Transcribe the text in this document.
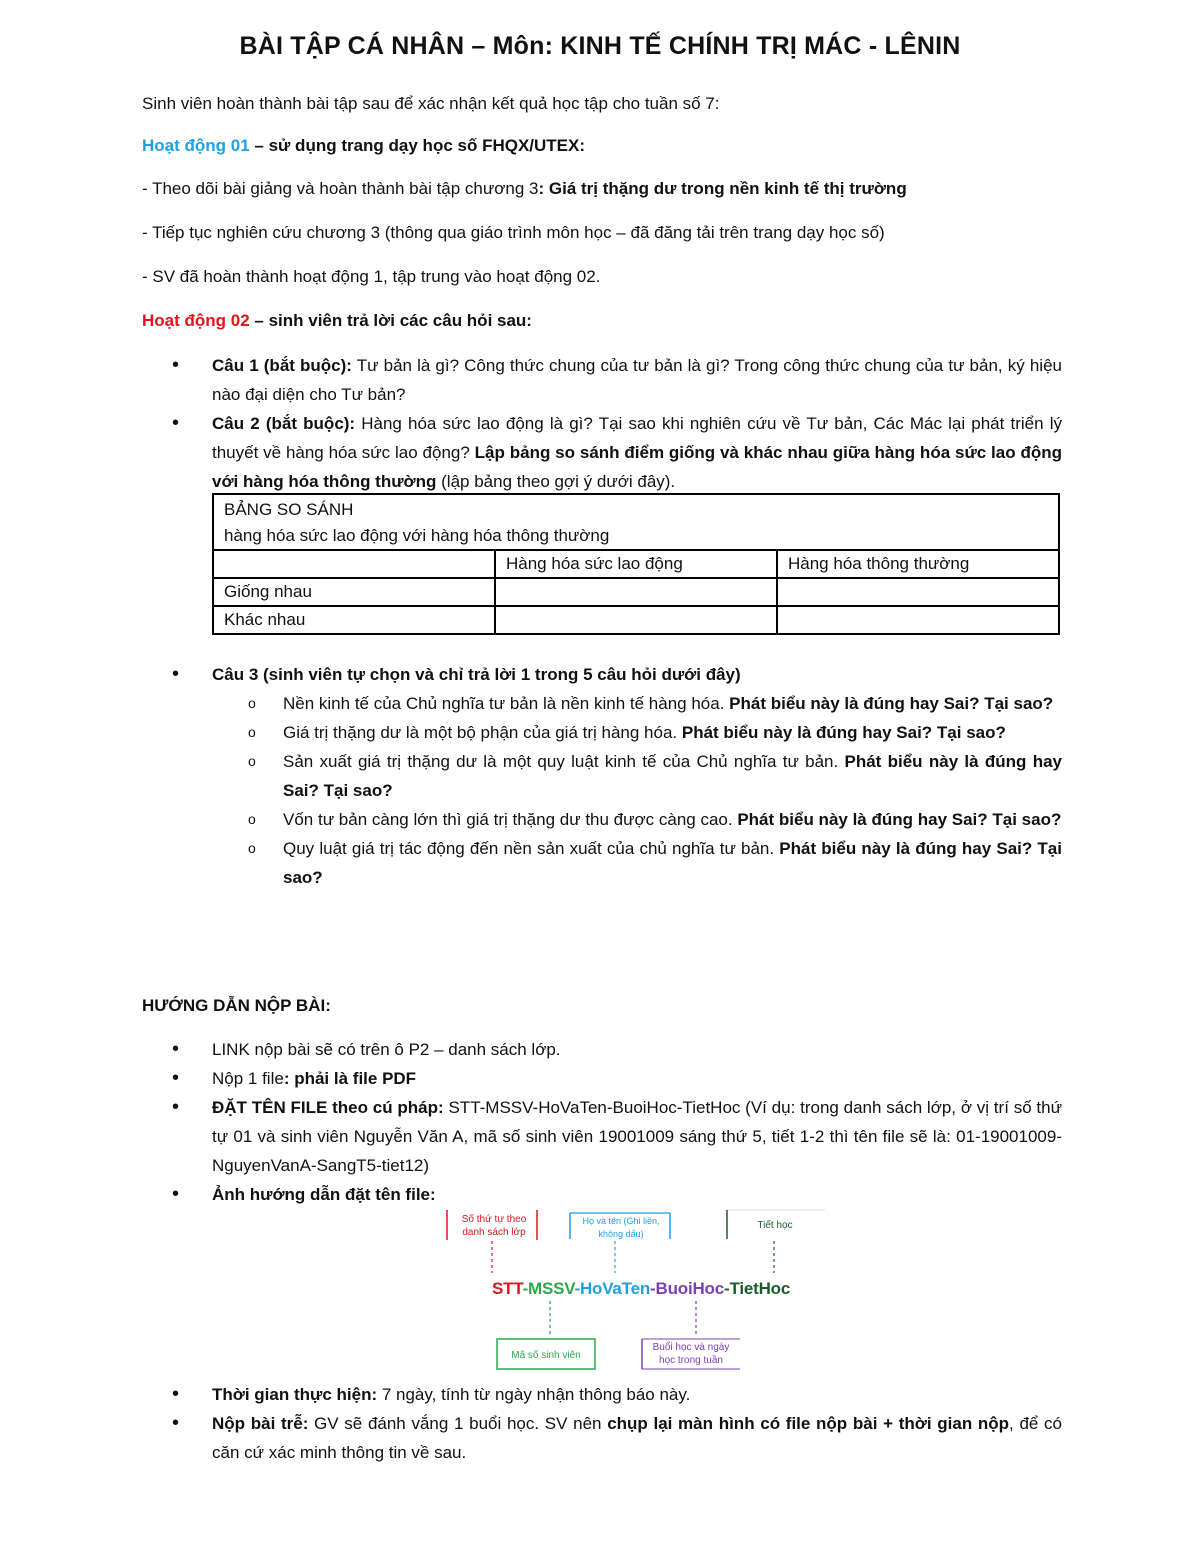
BÀI TẬP CÁ NHÂN – Môn: KINH TẾ CHÍNH TRỊ MÁC - LÊNIN
Sinh viên hoàn thành bài tập sau để xác nhận kết quả học tập cho tuần số 7:
Hoạt động 01 – sử dụng trang dạy học số FHQX/UTEX:
- Theo dõi bài giảng và hoàn thành bài tập chương 3: Giá trị thặng dư trong nền kinh tế thị trường
- Tiếp tục nghiên cứu chương 3 (thông qua giáo trình môn học – đã đăng tải trên trang dạy học số)
- SV đã hoàn thành hoạt động 1, tập trung vào hoạt động 02.
Hoạt động 02 – sinh viên trả lời các câu hỏi sau:
• Câu 1 (bắt buộc): Tư bản là gì? Công thức chung của tư bản là gì? Trong công thức chung của tư bản, ký hiệu nào đại diện cho Tư bản?
• Câu 2 (bắt buộc): Hàng hóa sức lao động là gì? Tại sao khi nghiên cứu về Tư bản, Các Mác lại phát triển lý thuyết về hàng hóa sức lao động? Lập bảng so sánh điểm giống và khác nhau giữa hàng hóa sức lao động với hàng hóa thông thường (lập bảng theo gợi ý dưới đây).
BẢNG SO SÁNH
hàng hóa sức lao động với hàng hóa thông thường		

	Hàng hóa sức lao động	Hàng hóa thông thường
Giống nhau		
Khác nhau		
• Câu 3 (sinh viên tự chọn và chỉ trả lời 1 trong 5 câu hỏi dưới đây)
o Nền kinh tế của Chủ nghĩa tư bản là nền kinh tế hàng hóa. Phát biểu này là đúng hay Sai? Tại sao?
o Giá trị thặng dư là một bộ phận của giá trị hàng hóa. Phát biểu này là đúng hay Sai? Tại sao?
o Sản xuất giá trị thặng dư là một quy luật kinh tế của Chủ nghĩa tư bản. Phát biểu này là đúng hay Sai? Tại sao?
o Vốn tư bản càng lớn thì giá trị thặng dư thu được càng cao. Phát biểu này là đúng hay Sai? Tại sao?
o Quy luật giá trị tác động đến nền sản xuất của chủ nghĩa tư bản. Phát biểu này là đúng hay Sai? Tại sao?
HƯỚNG DẪN NỘP BÀI:
• LINK nộp bài sẽ có trên ô P2 – danh sách lớp.
• Nộp 1 file: phải là file PDF
• ĐẶT TÊN FILE theo cú pháp: STT-MSSV-HoVaTen-BuoiHoc-TietHoc (Ví dụ: trong danh sách lớp, ở vị trí số thứ tự 01 và sinh viên Nguyễn Văn A, mã số sinh viên 19001009 sáng thứ 5, tiết 1-2 thì tên file sẽ là: 01-19001009-NguyenVanA-SangT5-tiet12)
• Ảnh hướng dẫn đặt tên file:
Số thứ tự theo danh sách lớp
Họ và tên (Ghi liền, không dấu)
Tiết học
STT-MSSV-HoVaTen-BuoiHoc-TietHoc
Mã số sinh viên
Buổi học và ngày học trong tuần
• Thời gian thực hiện: 7 ngày, tính từ ngày nhận thông báo này.
• Nộp bài trễ: GV sẽ đánh vắng 1 buổi học. SV nên chụp lại màn hình có file nộp bài + thời gian nộp, để có căn cứ xác minh thông tin về sau.
